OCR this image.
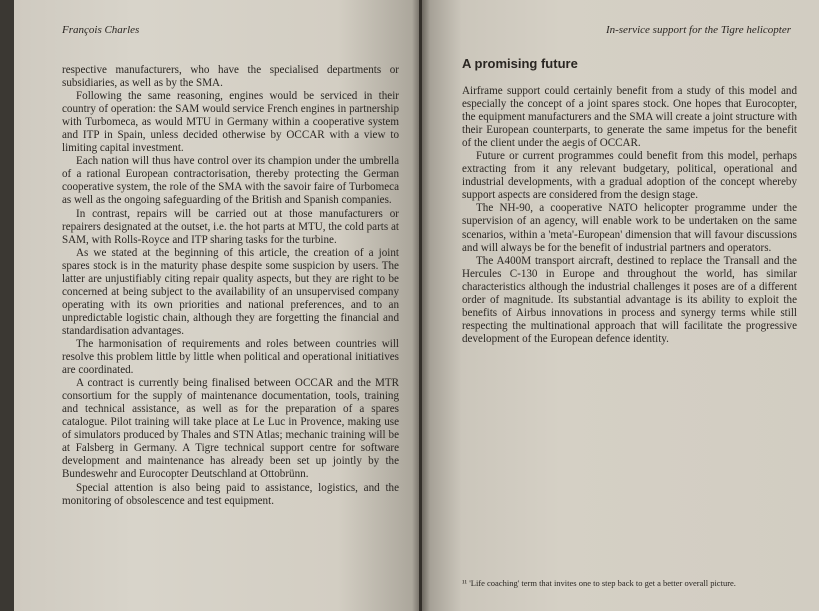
François Charles

respective manufacturers, who have the specialised departments or subsidiaries, as well as by the SMA.

Following the same reasoning, engines would be serviced in their country of operation: the SAM would service French engines in partnership with Turbomeca, as would MTU in Germany within a cooperative system and ITP in Spain, unless decided otherwise by OCCAR with a view to limiting capital investment.

Each nation will thus have control over its champion under the umbrella of a rational European contractorisation, thereby protecting the German cooperative system, the role of the SMA with the savoir faire of Turbomeca as well as the ongoing safeguarding of the British and Spanish companies.

In contrast, repairs will be carried out at those manufacturers or repairers designated at the outset, i.e. the hot parts at MTU, the cold parts at SAM, with Rolls-Royce and ITP sharing tasks for the turbine.

As we stated at the beginning of this article, the creation of a joint spares stock is in the maturity phase despite some suspicion by users. The latter are unjustifiably citing repair quality aspects, but they are right to be concerned at being subject to the availability of an unsupervised company operating with its own priorities and national preferences, and to an unpredictable logistic chain, although they are forgetting the financial and standardisation advantages.

The harmonisation of requirements and roles between countries will resolve this problem little by little when political and operational initiatives are coordinated.

A contract is currently being finalised between OCCAR and the MTR consortium for the supply of maintenance documentation, tools, training and technical assistance, as well as for the preparation of a spares catalogue. Pilot training will take place at Le Luc in Provence, making use of simulators produced by Thales and STN Atlas; mechanic training will be at Falsberg in Germany. A Tigre technical support centre for software development and maintenance has already been set up jointly by the Bundeswehr and Eurocopter Deutschland at Ottobrünn.

Special attention is also being paid to assistance, logistics, and the monitoring of obsolescence and test equipment.

In-service support for the Tigre helicopter
A promising future

Airframe support could certainly benefit from a study of this model and especially the concept of a joint spares stock. One hopes that Eurocopter, the equipment manufacturers and the SMA will create a joint structure with their European counterparts, to generate the same impetus for the benefit of the client under the aegis of OCCAR.

Future or current programmes could benefit from this model, perhaps extracting from it any relevant budgetary, political, operational and industrial developments, with a gradual adoption of the concept whereby support aspects are considered from the design stage.

The NH-90, a cooperative NATO helicopter programme under the supervision of an agency, will enable work to be undertaken on the same scenarios, within a 'meta'-European' dimension that will favour discussions and will always be for the benefit of industrial partners and operators.

The A400M transport aircraft, destined to replace the Transall and the Hercules C-130 in Europe and throughout the world, has similar characteristics although the industrial challenges it poses are of a different order of magnitude. Its substantial advantage is its ability to exploit the benefits of Airbus innovations in process and synergy terms while still respecting the multinational approach that will facilitate the progressive development of the European defence identity.

¹¹ 'Life coaching' term that invites one to step back to get a better overall picture.
